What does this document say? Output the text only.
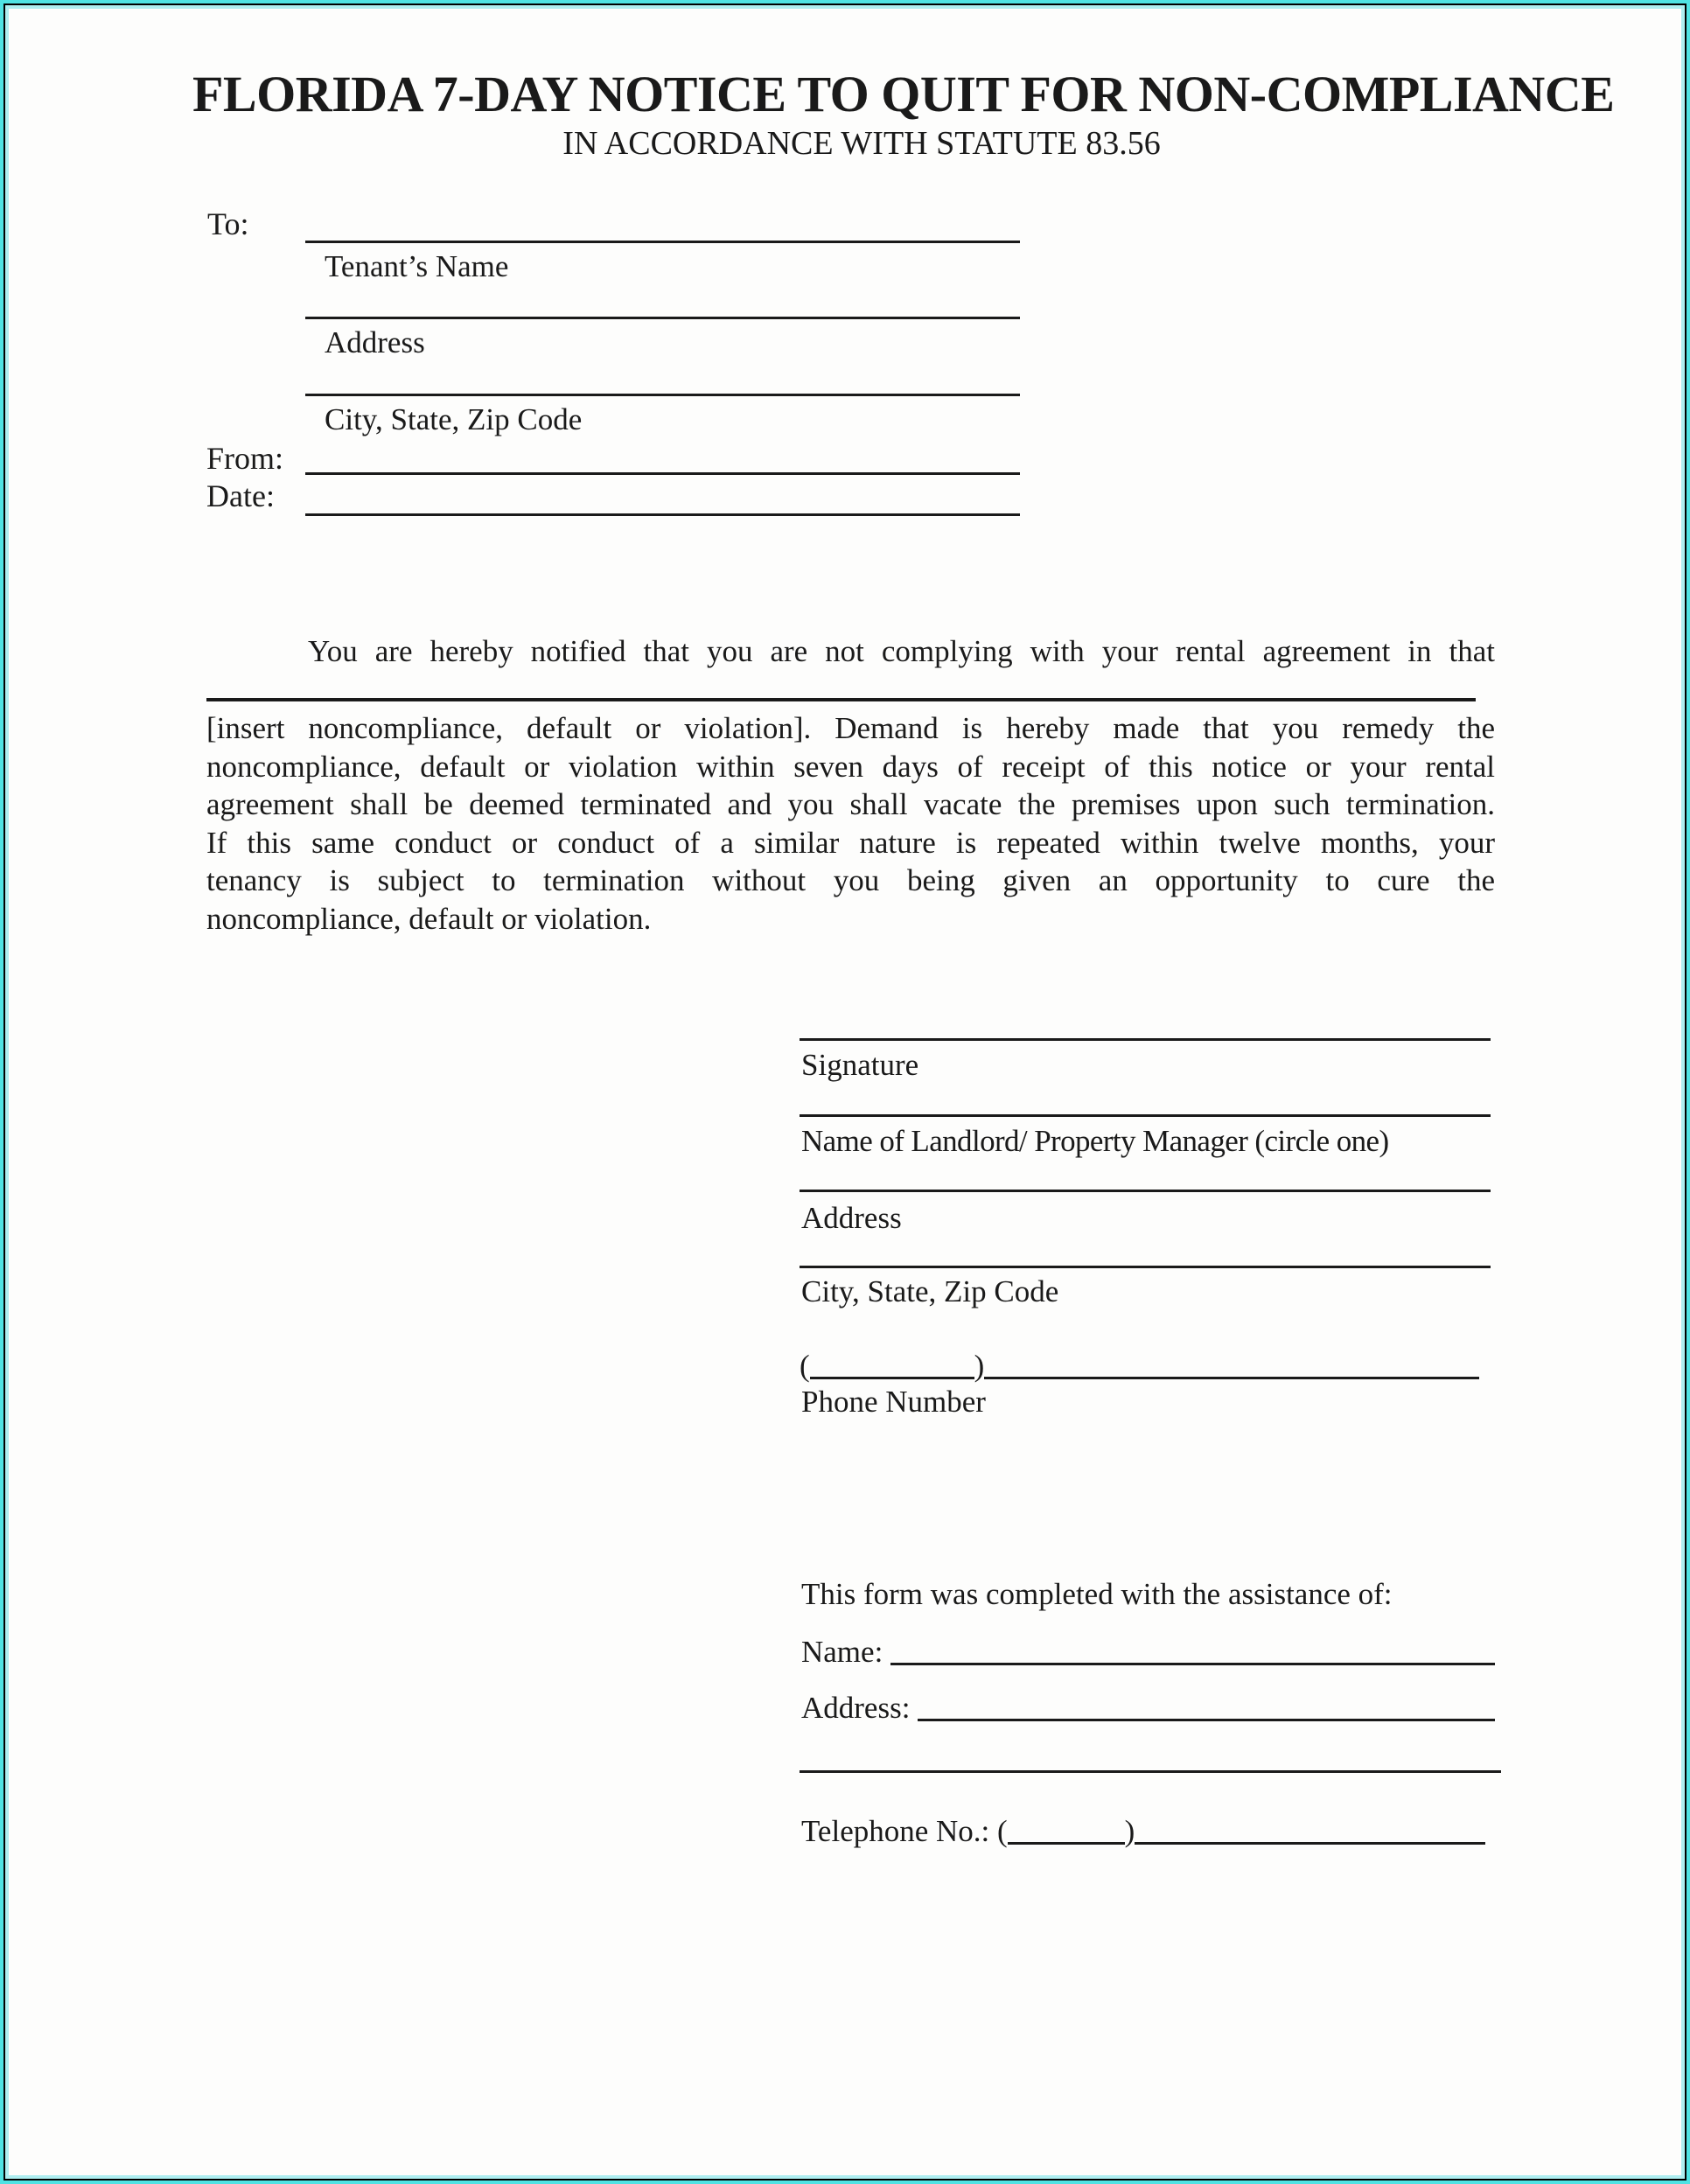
FLORIDA 7-DAY NOTICE TO QUIT FOR NON-COMPLIANCE
IN ACCORDANCE WITH STATUTE 83.56
To:
Tenant’s Name
Address
City, State, Zip Code
From:
Date:
You are hereby notified that you are not complying with your rental agreement in that
[insert noncompliance, default or violation]. Demand is hereby made that you remedy the
noncompliance, default or violation within seven days of receipt of this notice or your rental
agreement shall be deemed terminated and you shall vacate the premises upon such termination.
If this same conduct or conduct of a similar nature is repeated within twelve months, your
tenancy is subject to termination without you being given an opportunity to cure the
noncompliance, default or violation.
Signature
Name of Landlord/ Property Manager (circle one)
Address
City, State, Zip Code
(	)
Phone Number
This form was completed with the assistance of:
Name:
Address:
Telephone No.: (	)
